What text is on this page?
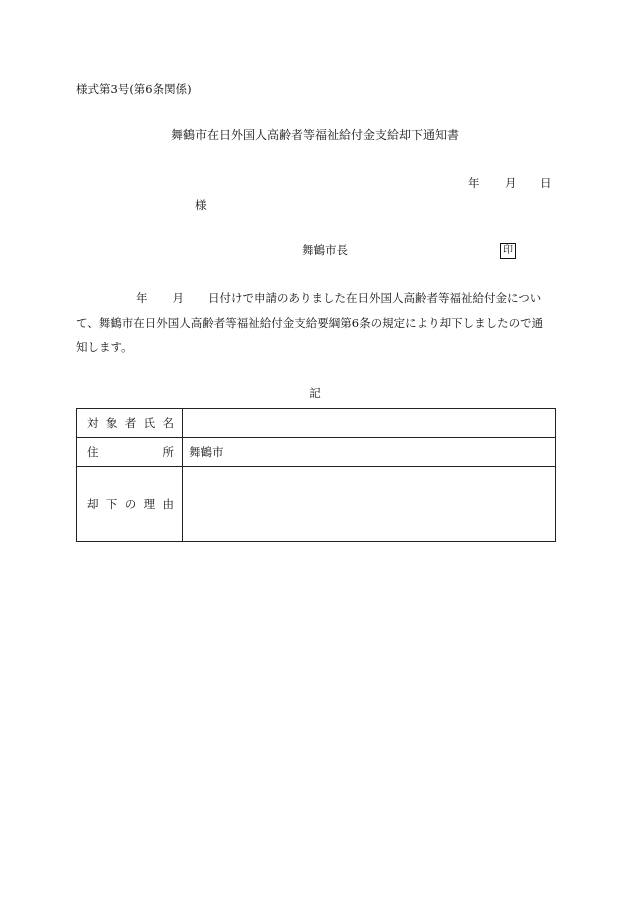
様式第3号(第6条関係)
舞鶴市在日外国人高齢者等福祉給付金支給却下通知書
年 月 日
様
舞鶴市長	印
年 月 日付けで申請のありました在日外国人高齢者等福祉給付金につい
て、舞鶴市在日外国人高齢者等福祉給付金支給要綱第6条の規定により却下しましたので通
知します。
記
対 象 者 氏 名	

住 所	舞鶴市

却 下 の 理 由	
